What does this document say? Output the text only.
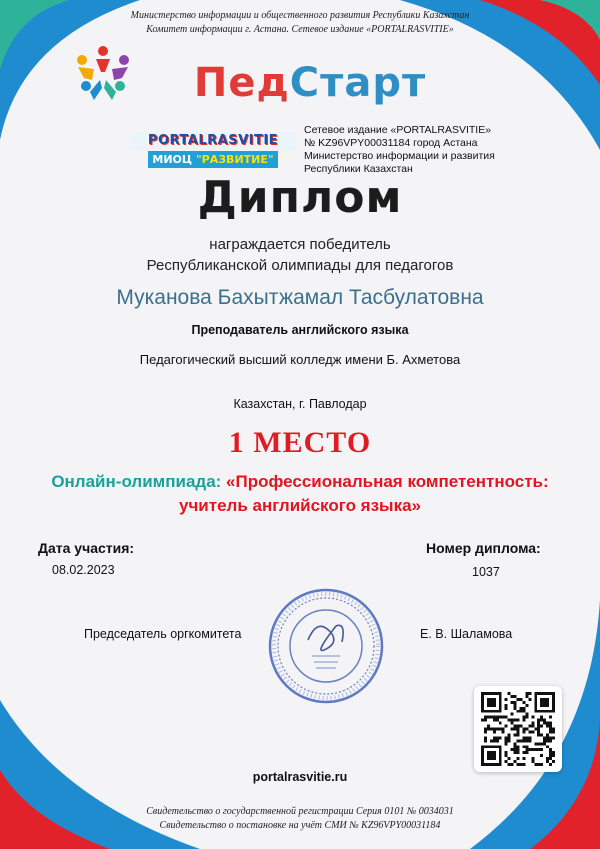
Министерство информации и общественного развития Республики Казахстан
Комитет информации г. Астана. Сетевое издание «PORTALRASVITIE»
ПедСтарт
PORTALRASVITIE
МИОЦ "РАЗВИТИЕ"
Сетевое издание «PORTALRASVITIE»
№ KZ96VPY00031184 город Астана
Министерство информации и развития
Республики Казахстан
Диплом
награждается победитель
Республиканской олимпиады для педагогов
Муканова Бахытжамал Тасбулатовна
Преподаватель английского языка
Педагогический высший колледж имени Б. Ахметова
Казахстан, г. Павлодар
1 МЕСТО
Онлайн-олимпиада: «Профессиональная компетентность:
учитель английского языка»
Дата участия:
08.02.2023
Номер диплома:
1037
Председатель оргкомитета	Е. В. Шаламова
portalrasvitie.ru
Свидетельство о государственной регистрации Серия 0101 № 0034031
Свидетельство о постановке на учёт СМИ № KZ96VPY00031184
